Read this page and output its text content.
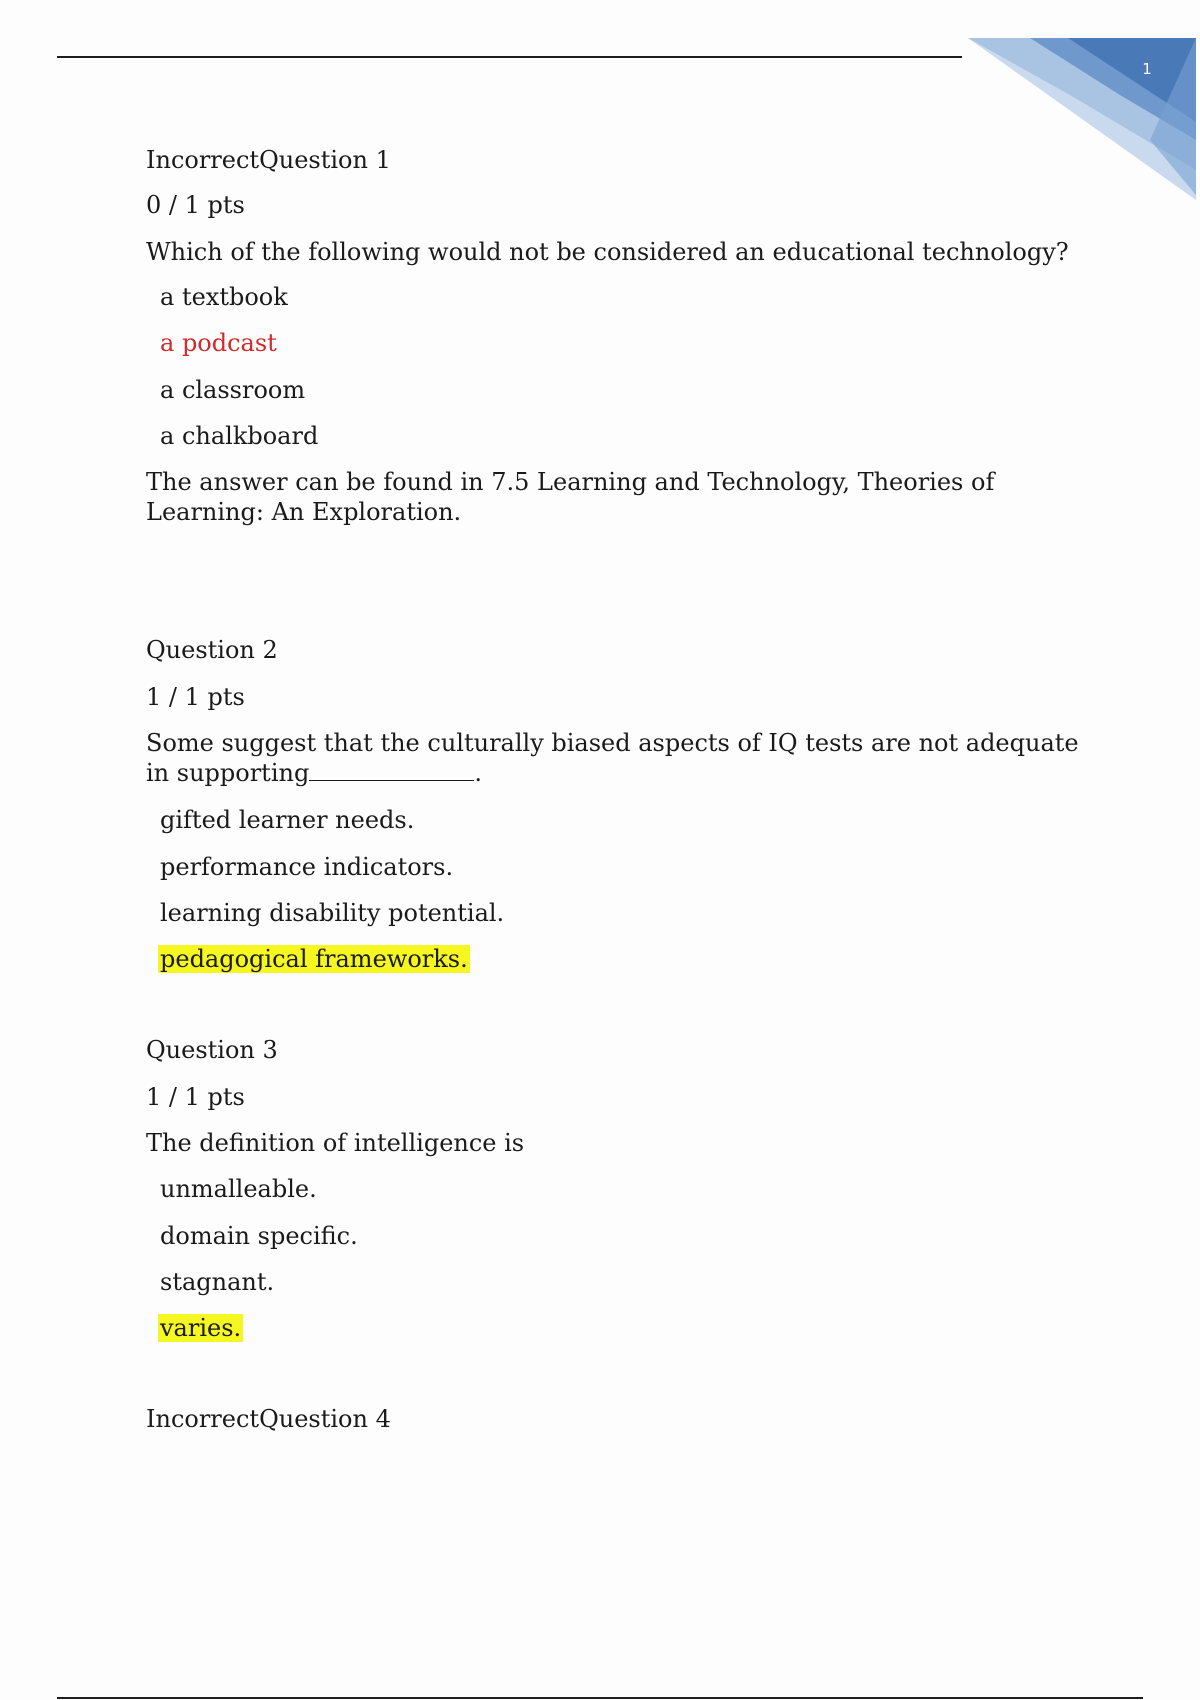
1
IncorrectQuestion 1
0 / 1 pts
Which of the following would not be considered an educational technology?
a textbook
a podcast
a classroom
a chalkboard
The answer can be found in 7.5 Learning and Technology, Theories of
Learning: An Exploration.
Question 2
1 / 1 pts
Some suggest that the culturally biased aspects of IQ tests are not adequate
in supporting	.
gifted learner needs.
performance indicators.
learning disability potential.
pedagogical frameworks.
Question 3
1 / 1 pts
The definition of intelligence is
unmalleable.
domain specific.
stagnant.
varies.
IncorrectQuestion 4
